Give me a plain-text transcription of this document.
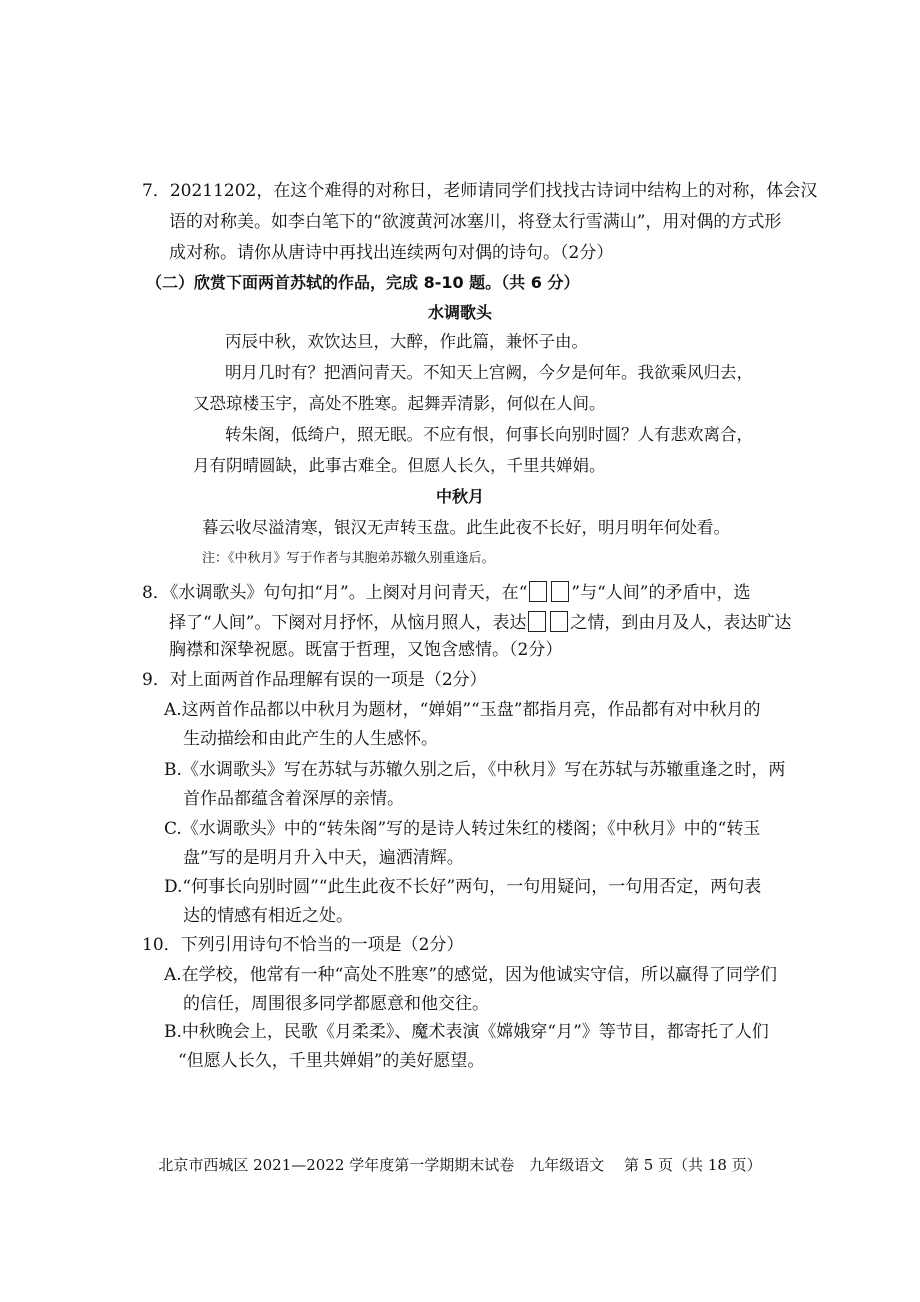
7．20211202，在这个难得的对称日，老师请同学们找找古诗词中结构上的对称，体会汉
语的对称美。如李白笔下的“欲渡黄河冰塞川，将登太行雪满山”，用对偶的方式形
成对称。请你从唐诗中再找出连续两句对偶的诗句。（2分）
（二）欣赏下面两首苏轼的作品，完成 8-10 题。（共 6 分）
水调歌头
丙辰中秋，欢饮达旦，大醉，作此篇，兼怀子由。
明月几时有？把酒问青天。不知天上宫阙，今夕是何年。我欲乘风归去，
又恐琼楼玉宇，高处不胜寒。起舞弄清影，何似在人间。
转朱阁，低绮户，照无眠。不应有恨，何事长向别时圆？人有悲欢离合，
月有阴晴圆缺，此事古难全。但愿人长久，千里共婵娟。
中秋月
暮云收尽溢清寒，银汉无声转玉盘。此生此夜不长好，明月明年何处看。
注：《中秋月》写于作者与其胞弟苏辙久别重逢后。
8．《水调歌头》句句扣“月”。上阕对月问青天，在“	”与“人间”的矛盾中，选
择了“人间”。下阕对月抒怀，从恼月照人，表达	之情，到由月及人，表达旷达
胸襟和深挚祝愿。既富于哲理，又饱含感情。（2分）
9．对上面两首作品理解有误的一项是（2分）
A.这两首作品都以中秋月为题材，“婵娟”“玉盘”都指月亮，作品都有对中秋月的
生动描绘和由此产生的人生感怀。
B.《水调歌头》写在苏轼与苏辙久别之后，《中秋月》写在苏轼与苏辙重逢之时，两
首作品都蕴含着深厚的亲情。
C.《水调歌头》中的“转朱阁”写的是诗人转过朱红的楼阁；《中秋月》中的“转玉
盘”写的是明月升入中天，遍洒清辉。
D.“何事长向别时圆”“此生此夜不长好”两句，一句用疑问，一句用否定，两句表
达的情感有相近之处。
10．下列引用诗句不恰当的一项是（2分）
A.在学校，他常有一种“高处不胜寒”的感觉，因为他诚实守信，所以赢得了同学们
的信任，周围很多同学都愿意和他交往。
B.中秋晚会上，民歌《月柔柔》、魔术表演《嫦娥穿“月”》等节目，都寄托了人们
“但愿人长久，千里共婵娟”的美好愿望。
北京市西城区 2021—2022 学年度第一学期期末试卷　九年级语文　 第 5 页（共 18 页）
